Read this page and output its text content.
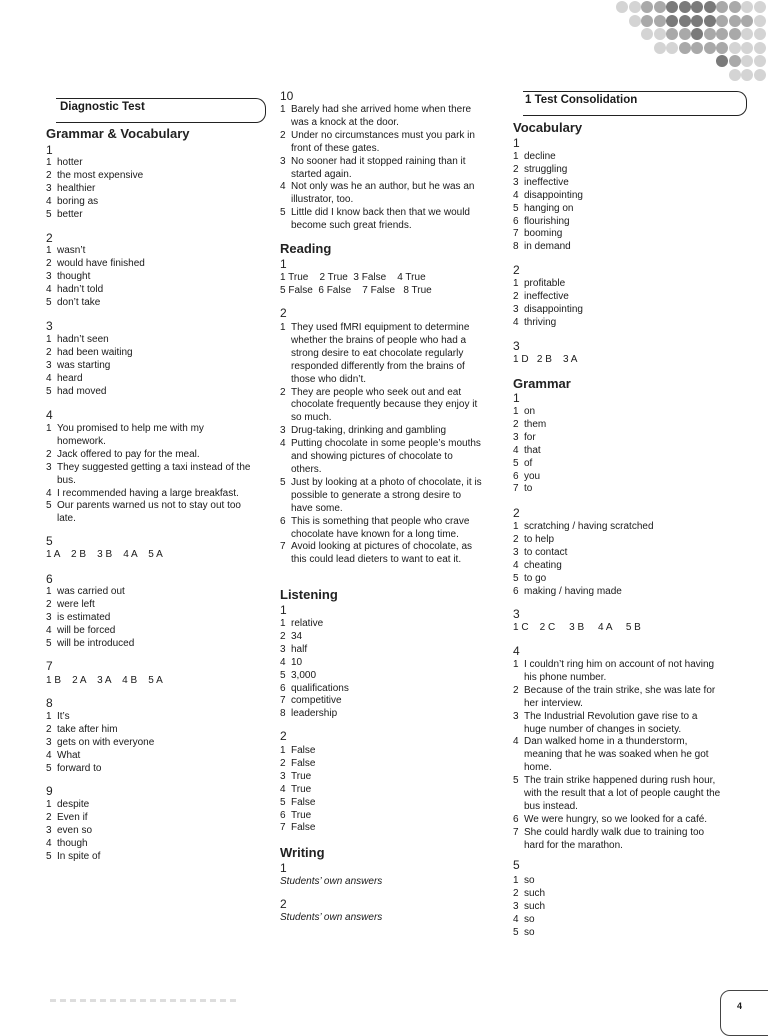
Diagnostic Test
Grammar & Vocabulary
1
1 hotter
2 the most expensive
3 healthier
4 boring as
5 better
2
1 wasn’t
2 would have finished
3 thought
4 hadn’t told
5 don’t take
3
1 hadn’t seen
2 had been waiting
3 was starting
4 heard
5 had moved
4
1 You promised to help me with my homework.
2 Jack offered to pay for the meal.
3 They suggested getting a taxi instead of the bus.
4 I recommended having a large breakfast.
5 Our parents warned us not to stay out too late.
5
1 A    2 B    3 B    4 A    5 A
6
1 was carried out
2 were left
3 is estimated
4 will be forced
5 will be introduced
7
1 B    2 A    3 A    4 B    5 A
8
1 It’s
2 take after him
3 gets on with everyone
4 What
5 forward to
9
1 despite
2 Even if
3 even so
4 though
5 In spite of
10
1 Barely had she arrived home when there was a knock at the door.
2 Under no circumstances must you park in front of these gates.
3 No sooner had it stopped raining than it started again.
4 Not only was he an author, but he was an illustrator, too.
5 Little did I know back then that we would become such great friends.
Reading
1
1 True    2 True  3 False    4 True
5 False  6 False    7 False   8 True
2
1 They used fMRI equipment to determine whether the brains of people who had a strong desire to eat chocolate regularly responded differently from the brains of those who didn’t.
2 They are people who seek out and eat chocolate frequently because they enjoy it so much.
3 Drug-taking, drinking and gambling
4 Putting chocolate in some people’s mouths and showing pictures of chocolate to others.
5 Just by looking at a photo of chocolate, it is possible to generate a strong desire to have some.
6 This is something that people who crave chocolate have known for a long time.
7 Avoid looking at pictures of chocolate, as this could lead dieters to want to eat it.
Listening
1
1 relative
2 34
3 half
4 10
5 3,000
6 qualifications
7 competitive
8 leadership
2
1 False
2 False
3 True
4 True
5 False
6 True
7 False
Writing
1
Students’ own answers
2
Students’ own answers
1 Test Consolidation
Vocabulary
1
1 decline
2 struggling
3 ineffective
4 disappointing
5 hanging on
6 flourishing
7 booming
8 in demand
2
1 profitable
2 ineffective
3 disappointing
4 thriving
3
1 D   2 B    3 A
Grammar
1
1 on
2 them
3 for
4 that
5 of
6 you
7 to
2
1 scratching / having scratched
2 to help
3 to contact
4 cheating
5 to go
6 making / having made
3
1 C    2 C     3 B     4 A     5 B
4
1 I couldn’t ring him on account of not having his phone number.
2 Because of the train strike, she was late for her interview.
3 The Industrial Revolution gave rise to a huge number of changes in society.
4 Dan walked home in a thunderstorm, meaning that he was soaked when he got home.
5 The train strike happened during rush hour, with the result that a lot of people caught the bus instead.
6 We were hungry, so we looked for a café.
7 She could hardly walk due to training too hard for the marathon.
5
1 so
2 such
3 such
4 so
5 so
4
